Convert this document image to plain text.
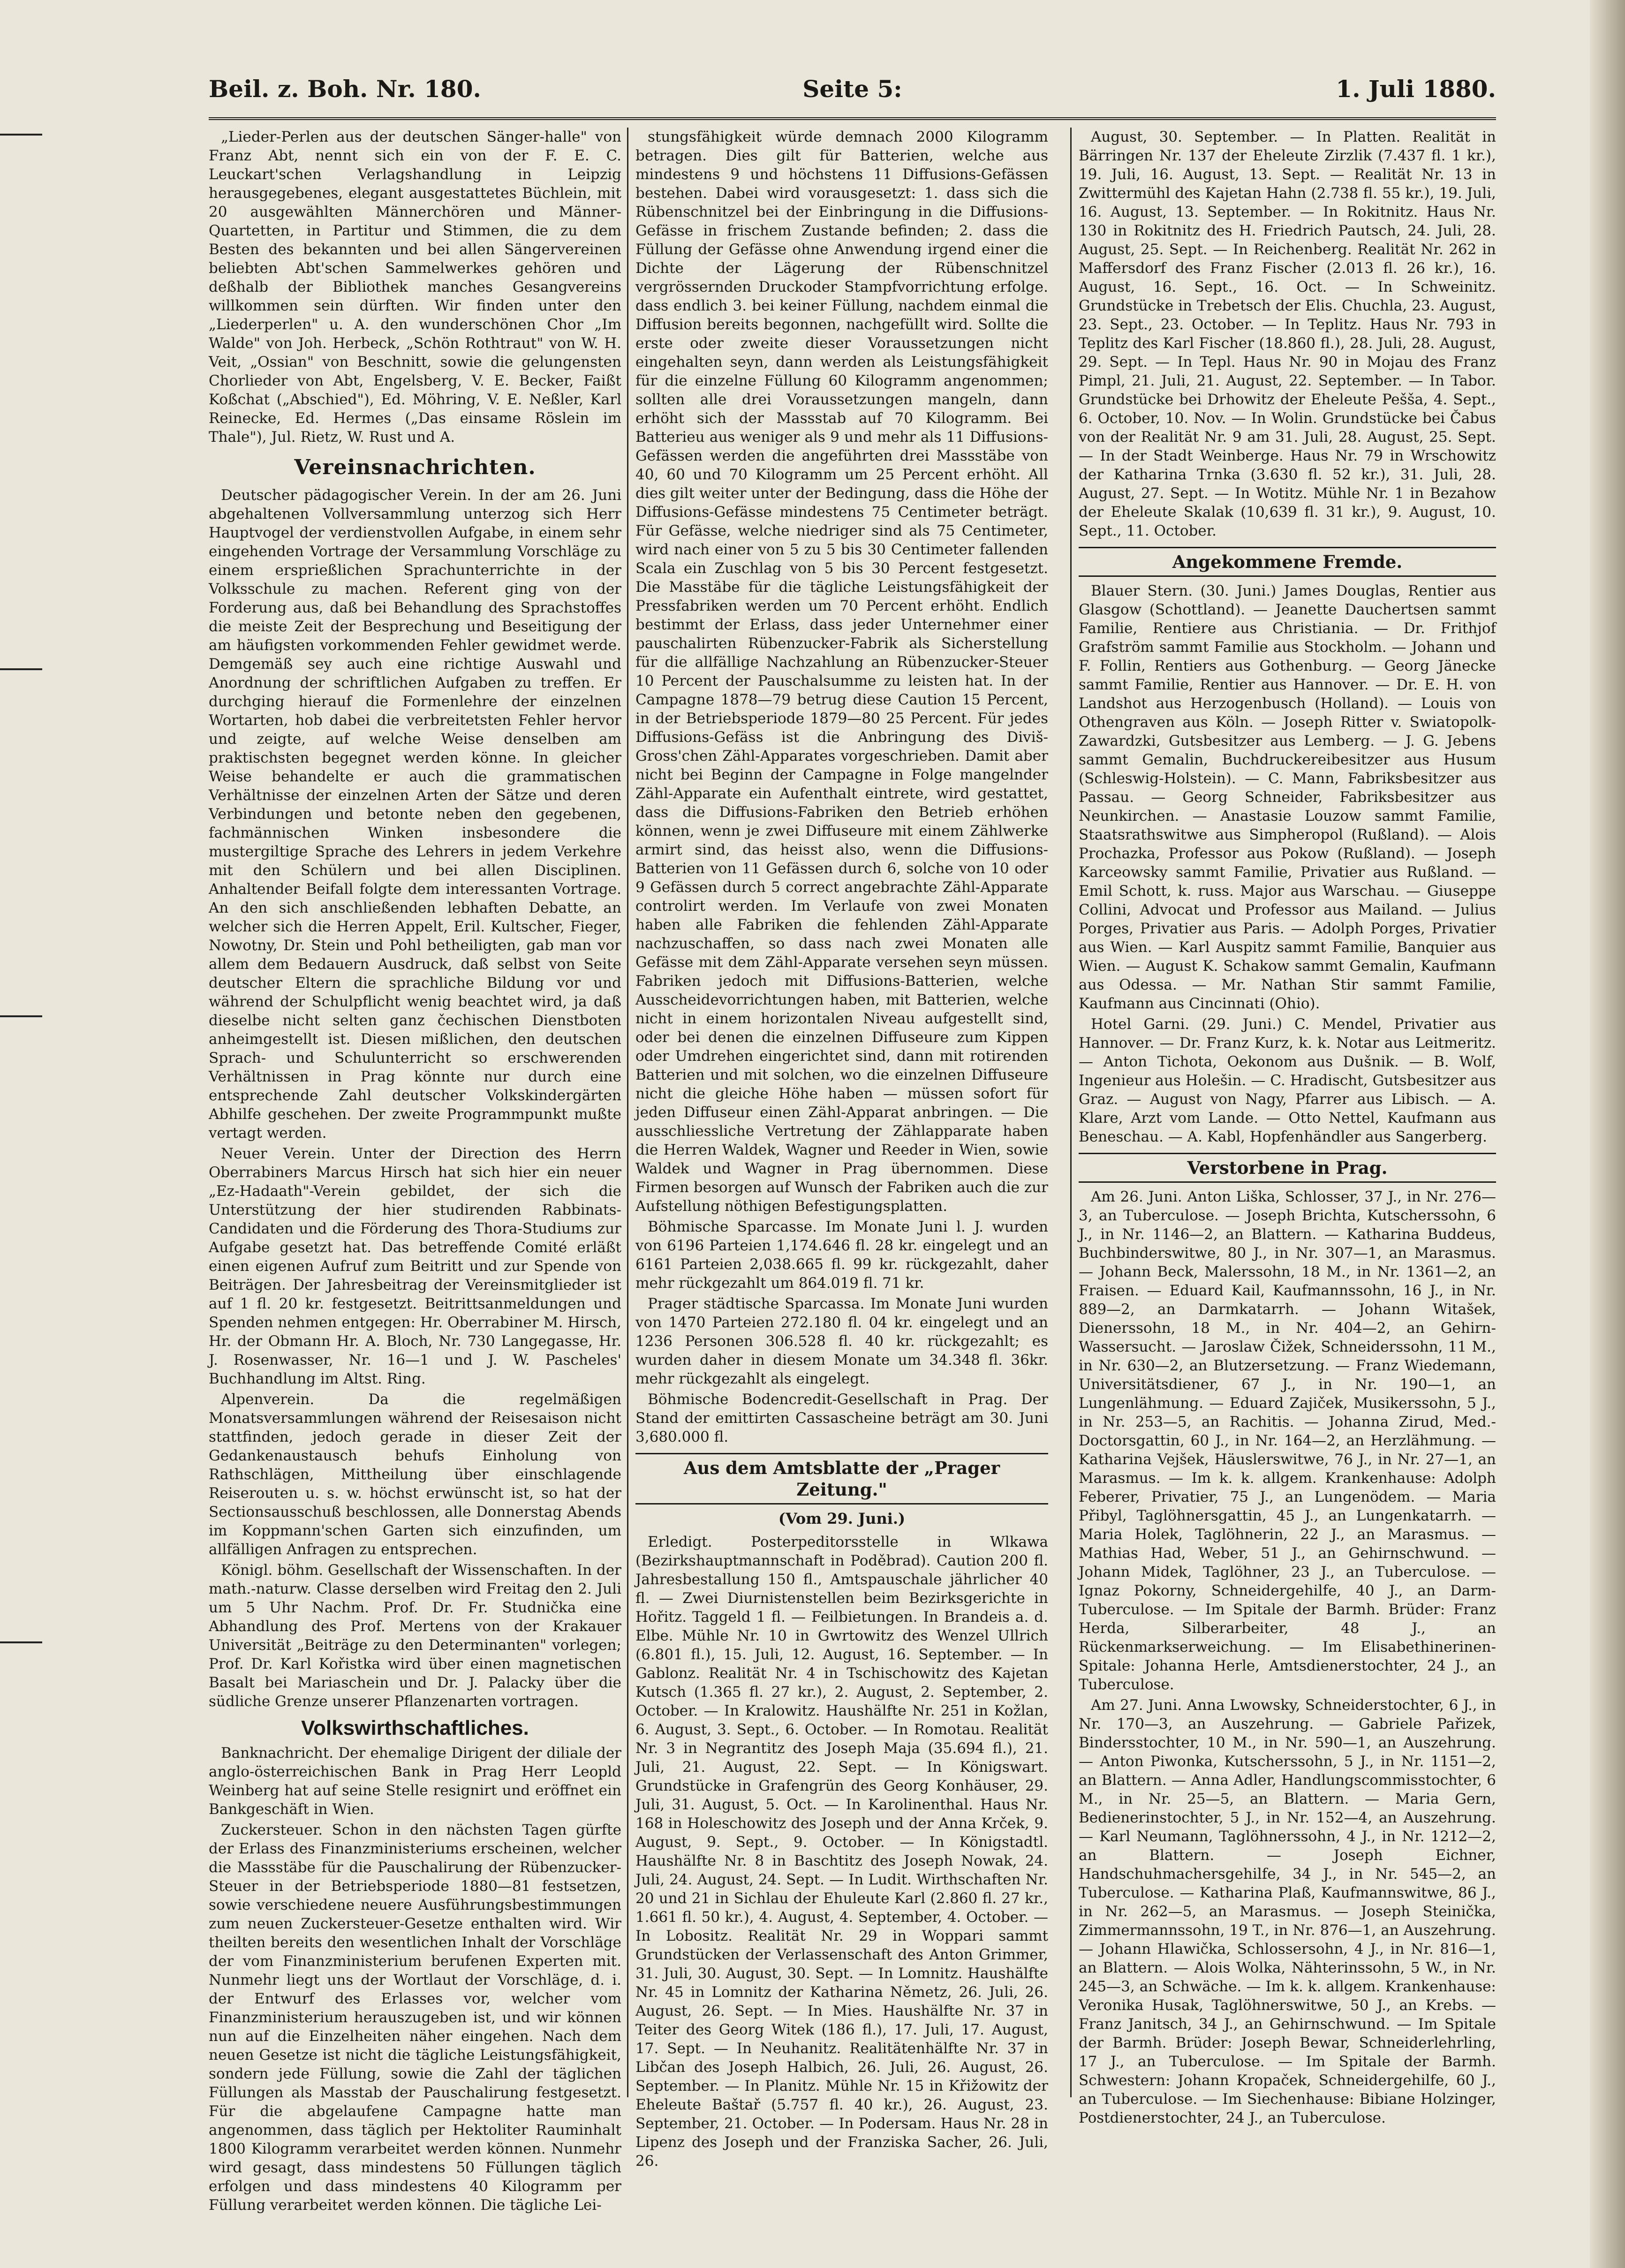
Beil. z. Boh. Nr. 180.	Seite 5:	1. Juli 1880.

„Lieder-Perlen aus der deutschen Sänger-halle" von Franz Abt, nennt sich ein von der F. E. C. Leuckart'schen Verlagshandlung in Leipzig herausgegebenes, elegant ausgestattetes Büchlein, mit 20 ausgewählten Männerchören und Männer-Quartetten, in Partitur und Stimmen, die zu dem Besten des bekannten und bei allen Sängervereinen beliebten Abt'schen Sammelwerkes gehören und deßhalb der Bibliothek manches Gesangvereins willkommen sein dürften. Wir finden unter den „Liederperlen" u. A. den wunderschönen Chor „Im Walde" von Joh. Herbeck, „Schön Rothtraut" von W. H. Veit, „Ossian" von Beschnitt, sowie die gelungensten Chorlieder von Abt, Engelsberg, V. E. Becker, Faißt Koßchat („Abschied"), Ed. Möhring, V. E. Neßler, Karl Reinecke, Ed. Hermes („Das einsame Röslein im Thale"), Jul. Rietz, W. Rust und A.

Vereinsnachrichten.

Deutscher pädagogischer Verein. In der am 26. Juni abgehaltenen Vollversammlung unterzog sich Herr Hauptvogel der verdienstvollen Aufgabe, in einem sehr eingehenden Vortrage der Versammlung Vorschläge zu einem ersprießlichen Sprachunterrichte in der Volksschule zu machen. Referent ging von der Forderung aus, daß bei Behandlung des Sprachstoffes die meiste Zeit der Besprechung und Beseitigung der am häufigsten vorkommenden Fehler gewidmet werde. Demgemäß sey auch eine richtige Auswahl und Anordnung der schriftlichen Aufgaben zu treffen. Er durchging hierauf die Formenlehre der einzelnen Wortarten, hob dabei die verbreitetsten Fehler hervor und zeigte, auf welche Weise denselben am praktischsten begegnet werden könne. In gleicher Weise behandelte er auch die grammatischen Verhältnisse der einzelnen Arten der Sätze und deren Verbindungen und betonte neben den gegebenen, fachmännischen Winken insbesondere die mustergiltige Sprache des Lehrers in jedem Verkehre mit den Schülern und bei allen Disciplinen. Anhaltender Beifall folgte dem interessanten Vortrage. An den sich anschließenden lebhaften Debatte, an welcher sich die Herren Appelt, Eril. Kultscher, Fieger, Nowotny, Dr. Stein und Pohl betheiligten, gab man vor allem dem Bedauern Ausdruck, daß selbst von Seite deutscher Eltern die sprachliche Bildung vor und während der Schulpflicht wenig beachtet wird, ja daß dieselbe nicht selten ganz čechischen Dienstboten anheimgestellt ist. Diesen mißlichen, den deutschen Sprach- und Schulunterricht so erschwerenden Verhältnissen in Prag könnte nur durch eine entsprechende Zahl deutscher Volkskindergärten Abhilfe geschehen. Der zweite Programmpunkt mußte vertagt werden.

Neuer Verein. Unter der Direction des Herrn Oberrabiners Marcus Hirsch hat sich hier ein neuer „Ez-Hadaath"-Verein gebildet, der sich die Unterstützung der hier studirenden Rabbinats-Candidaten und die Förderung des Thora-Studiums zur Aufgabe gesetzt hat. Das betreffende Comité erläßt einen eigenen Aufruf zum Beitritt und zur Spende von Beiträgen. Der Jahresbeitrag der Vereinsmitglieder ist auf 1 fl. 20 kr. festgesetzt. Beitrittsanmeldungen und Spenden nehmen entgegen: Hr. Oberrabiner M. Hirsch, Hr. der Obmann Hr. A. Bloch, Nr. 730 Langegasse, Hr. J. Rosenwasser, Nr. 16—1 und J. W. Pascheles' Buchhandlung im Altst. Ring.

Alpenverein. Da die regelmäßigen Monatsversammlungen während der Reisesaison nicht stattfinden, jedoch gerade in dieser Zeit der Gedankenaustausch behufs Einholung von Rathschlägen, Mittheilung über einschlagende Reiserouten u. s. w. höchst erwünscht ist, so hat der Sectionsausschuß beschlossen, alle Donnerstag Abends im Koppmann'schen Garten sich einzufinden, um allfälligen Anfragen zu entsprechen.

Königl. böhm. Gesellschaft der Wissenschaften. In der math.-naturw. Classe derselben wird Freitag den 2. Juli um 5 Uhr Nachm. Prof. Dr. Fr. Studnička eine Abhandlung des Prof. Mertens von der Krakauer Universität „Beiträge zu den Determinanten" vorlegen; Prof. Dr. Karl Kořistka wird über einen magnetischen Basalt bei Mariaschein und Dr. J. Palacky über die südliche Grenze unserer Pflanzenarten vortragen.

Volkswirthschaftliches.

Banknachricht. Der ehemalige Dirigent der diliale der anglo-österreichischen Bank in Prag Herr Leopld Weinberg hat auf seine Stelle resignirt und eröffnet ein Bankgeschäft in Wien.

Zuckersteuer. Schon in den nächsten Tagen gürfte der Erlass des Finanzministeriums erscheinen, welcher die Massstäbe für die Pauschalirung der Rübenzucker-Steuer in der Betriebsperiode 1880—81 festsetzen, sowie verschiedene neuere Ausführungsbestimmungen zum neuen Zuckersteuer-Gesetze enthalten wird. Wir theilten bereits den wesentlichen Inhalt der Vorschläge der vom Finanzministerium berufenen Experten mit. Nunmehr liegt uns der Wortlaut der Vorschläge, d. i. der Entwurf des Erlasses vor, welcher vom Finanzministerium herauszugeben ist, und wir können nun auf die Einzelheiten näher eingehen. Nach dem neuen Gesetze ist nicht die tägliche Leistungsfähigkeit, sondern jede Füllung, sowie die Zahl der täglichen Füllungen als Masstab der Pauschalirung festgesetzt. Für die abgelaufene Campagne hatte man angenommen, dass täglich per Hektoliter Rauminhalt 1800 Kilogramm verarbeitet werden können. Nunmehr wird gesagt, dass mindestens 50 Füllungen täglich erfolgen und dass mindestens 40 Kilogramm per Füllung verarbeitet werden können. Die tägliche Lei-

stungsfähigkeit würde demnach 2000 Kilogramm betragen. Dies gilt für Batterien, welche aus mindestens 9 und höchstens 11 Diffusions-Gefässen bestehen. Dabei wird vorausgesetzt: 1. dass sich die Rübenschnitzel bei der Einbringung in die Diffusions-Gefässe in frischem Zustande befinden; 2. dass die Füllung der Gefässe ohne Anwendung irgend einer die Dichte der Lägerung der Rübenschnitzel vergrössernden Druckoder Stampfvorrichtung erfolge. dass endlich 3. bei keiner Füllung, nachdem einmal die Diffusion bereits begonnen, nachgefüllt wird. Sollte die erste oder zweite dieser Voraussetzungen nicht eingehalten seyn, dann werden als Leistungsfähigkeit für die einzelne Füllung 60 Kilogramm angenommen; sollten alle drei Voraussetzungen mangeln, dann erhöht sich der Massstab auf 70 Kilogramm. Bei Batterieu aus weniger als 9 und mehr als 11 Diffusions-Gefässen werden die angeführten drei Massstäbe von 40, 60 und 70 Kilogramm um 25 Percent erhöht. All dies gilt weiter unter der Bedingung, dass die Höhe der Diffusions-Gefässe mindestens 75 Centimeter beträgt. Für Gefässe, welche niedriger sind als 75 Centimeter, wird nach einer von 5 zu 5 bis 30 Centimeter fallenden Scala ein Zuschlag von 5 bis 30 Percent festgesetzt. Die Masstäbe für die tägliche Leistungsfähigkeit der Pressfabriken werden um 70 Percent erhöht. Endlich bestimmt der Erlass, dass jeder Unternehmer einer pauschalirten Rübenzucker-Fabrik als Sicherstellung für die allfällige Nachzahlung an Rübenzucker-Steuer 10 Percent der Pauschalsumme zu leisten hat. In der Campagne 1878—79 betrug diese Caution 15 Percent, in der Betriebsperiode 1879—80 25 Percent. Für jedes Diffusions-Gefäss ist die Anbringung des Diviš-Gross'chen Zähl-Apparates vorgeschrieben. Damit aber nicht bei Beginn der Campagne in Folge mangelnder Zähl-Apparate ein Aufenthalt eintrete, wird gestattet, dass die Diffusions-Fabriken den Betrieb erhöhen können, wenn je zwei Diffuseure mit einem Zählwerke armirt sind, das heisst also, wenn die Diffusions-Batterien von 11 Gefässen durch 6, solche von 10 oder 9 Gefässen durch 5 correct angebrachte Zähl-Apparate controlirt werden. Im Verlaufe von zwei Monaten haben alle Fabriken die fehlenden Zähl-Apparate nachzuschaffen, so dass nach zwei Monaten alle Gefässe mit dem Zähl-Apparate versehen seyn müssen. Fabriken jedoch mit Diffusions-Batterien, welche Ausscheidevorrichtungen haben, mit Batterien, welche nicht in einem horizontalen Niveau aufgestellt sind, oder bei denen die einzelnen Diffuseure zum Kippen oder Umdrehen eingerichtet sind, dann mit rotirenden Batterien und mit solchen, wo die einzelnen Diffuseure nicht die gleiche Höhe haben — müssen sofort für jeden Diffuseur einen Zähl-Apparat anbringen. — Die ausschliessliche Vertretung der Zählapparate haben die Herren Waldek, Wagner und Reeder in Wien, sowie Waldek und Wagner in Prag übernommen. Diese Firmen besorgen auf Wunsch der Fabriken auch die zur Aufstellung nöthigen Befestigungsplatten.

Böhmische Sparcasse. Im Monate Juni l. J. wurden von 6196 Parteien 1,174.646 fl. 28 kr. eingelegt und an 6161 Parteien 2,038.665 fl. 99 kr. rückgezahlt, daher mehr rückgezahlt um 864.019 fl. 71 kr.

Prager städtische Sparcassa. Im Monate Juni wurden von 1470 Parteien 272.180 fl. 04 kr. eingelegt und an 1236 Personen 306.528 fl. 40 kr. rückgezahlt; es wurden daher in diesem Monate um 34.348 fl. 36kr. mehr rückgezahlt als eingelegt.

Böhmische Bodencredit-Gesellschaft in Prag. Der Stand der emittirten Cassascheine beträgt am 30. Juni 3,680.000 fl.

Aus dem Amtsblatte der „Prager Zeitung."
(Vom 29. Juni.)

Erledigt. Posterpeditorsstelle in Wlkawa (Bezirkshauptmannschaft in Poděbrad). Caution 200 fl. Jahresbestallung 150 fl., Amtspauschale jährlicher 40 fl. — Zwei Diurnistenstellen beim Bezirksgerichte in Hořitz. Taggeld 1 fl. — Feilbietungen. In Brandeis a. d. Elbe. Mühle Nr. 10 in Gwrtowitz des Wenzel Ullrich (6.801 fl.), 15. Juli, 12. August, 16. September. — In Gablonz. Realität Nr. 4 in Tschischowitz des Kajetan Kutsch (1.365 fl. 27 kr.), 2. August, 2. September, 2. October. — In Kralowitz. Haushälfte Nr. 251 in Kožlan, 6. August, 3. Sept., 6. October. — In Romotau. Realität Nr. 3 in Negrantitz des Joseph Maja (35.694 fl.), 21. Juli, 21. August, 22. Sept. — In Königswart. Grundstücke in Grafengrün des Georg Konhäuser, 29. Juli, 31. August, 5. Oct. — In Karolinenthal. Haus Nr. 168 in Holeschowitz des Joseph und der Anna Krček, 9. August, 9. Sept., 9. October. — In Königstadtl. Haushälfte Nr. 8 in Baschtitz des Joseph Nowak, 24. Juli, 24. August, 24. Sept. — In Ludit. Wirthschaften Nr. 20 und 21 in Sichlau der Ehuleute Karl (2.860 fl. 27 kr., 1.661 fl. 50 kr.), 4. August, 4. September, 4. October. — In Lobositz. Realität Nr. 29 in Woppari sammt Grundstücken der Verlassenschaft des Anton Grimmer, 31. Juli, 30. August, 30. Sept. — In Lomnitz. Haushälfte Nr. 45 in Lomnitz der Katharina Němetz, 26. Juli, 26. August, 26. Sept. — In Mies. Haushälfte Nr. 37 in Teiter des Georg Witek (186 fl.), 17. Juli, 17. August, 17. Sept. — In Neuhanitz. Realitätenhälfte Nr. 37 in Libčan des Joseph Halbich, 26. Juli, 26. August, 26. September. — In Planitz. Mühle Nr. 15 in Křižowitz der Eheleute Baštař (5.757 fl. 40 kr.), 26. August, 23. September, 21. October. — In Podersam. Haus Nr. 28 in Lipenz des Joseph und der Franziska Sacher, 26. Juli, 26.

August, 30. September. — In Platten. Realität in Bärringen Nr. 137 der Eheleute Zirzlik (7.437 fl. 1 kr.), 19. Juli, 16. August, 13. Sept. — Realität Nr. 13 in Zwittermühl des Kajetan Hahn (2.738 fl. 55 kr.), 19. Juli, 16. August, 13. September. — In Rokitnitz. Haus Nr. 130 in Rokitnitz des H. Friedrich Pautsch, 24. Juli, 28. August, 25. Sept. — In Reichenberg. Realität Nr. 262 in Maffersdorf des Franz Fischer (2.013 fl. 26 kr.), 16. August, 16. Sept., 16. Oct. — In Schweinitz. Grundstücke in Trebetsch der Elis. Chuchla, 23. August, 23. Sept., 23. October. — In Teplitz. Haus Nr. 793 in Teplitz des Karl Fischer (18.860 fl.), 28. Juli, 28. August, 29. Sept. — In Tepl. Haus Nr. 90 in Mojau des Franz Pimpl, 21. Juli, 21. August, 22. September. — In Tabor. Grundstücke bei Drhowitz der Eheleute Pešša, 4. Sept., 6. October, 10. Nov. — In Wolin. Grundstücke bei Čabus von der Realität Nr. 9 am 31. Juli, 28. August, 25. Sept. — In der Stadt Weinberge. Haus Nr. 79 in Wrschowitz der Katharina Trnka (3.630 fl. 52 kr.), 31. Juli, 28. August, 27. Sept. — In Wotitz. Mühle Nr. 1 in Bezahow der Eheleute Skalak (10,639 fl. 31 kr.), 9. August, 10. Sept., 11. October.

Angekommene Fremde.

Blauer Stern. (30. Juni.) James Douglas, Rentier aus Glasgow (Schottland). — Jeanette Dauchertsen sammt Familie, Rentiere aus Christiania. — Dr. Frithjof Grafström sammt Familie aus Stockholm. — Johann und F. Follin, Rentiers aus Gothenburg. — Georg Jänecke sammt Familie, Rentier aus Hannover. — Dr. E. H. von Landshot aus Herzogenbusch (Holland). — Louis von Othengraven aus Köln. — Joseph Ritter v. Swiatopolk-Zawardzki, Gutsbesitzer aus Lemberg. — J. G. Jebens sammt Gemalin, Buchdruckereibesitzer aus Husum (Schleswig-Holstein). — C. Mann, Fabriksbesitzer aus Passau. — Georg Schneider, Fabriksbesitzer aus Neunkirchen. — Anastasie Louzow sammt Familie, Staatsrathswitwe aus Simpheropol (Rußland). — Alois Prochazka, Professor aus Pokow (Rußland). — Joseph Karceowsky sammt Familie, Privatier aus Rußland. — Emil Schott, k. russ. Major aus Warschau. — Giuseppe Collini, Advocat und Professor aus Mailand. — Julius Porges, Privatier aus Paris. — Adolph Porges, Privatier aus Wien. — Karl Auspitz sammt Familie, Banquier aus Wien. — August K. Schakow sammt Gemalin, Kaufmann aus Odessa. — Mr. Nathan Stir sammt Familie, Kaufmann aus Cincinnati (Ohio).

Hotel Garni. (29. Juni.) C. Mendel, Privatier aus Hannover. — Dr. Franz Kurz, k. k. Notar aus Leitmeritz. — Anton Tichota, Oekonom aus Dušnik. — B. Wolf, Ingenieur aus Holešin. — C. Hradischt, Gutsbesitzer aus Graz. — August von Nagy, Pfarrer aus Libisch. — A. Klare, Arzt vom Lande. — Otto Nettel, Kaufmann aus Beneschau. — A. Kabl, Hopfenhändler aus Sangerberg.

Verstorbene in Prag.

Am 26. Juni. Anton Liška, Schlosser, 37 J., in Nr. 276—3, an Tuberculose. — Joseph Brichta, Kutscherssohn, 6 J., in Nr. 1146—2, an Blattern. — Katharina Buddeus, Buchbinderswitwe, 80 J., in Nr. 307—1, an Marasmus. — Johann Beck, Malerssohn, 18 M., in Nr. 1361—2, an Fraisen. — Eduard Kail, Kaufmannssohn, 16 J., in Nr. 889—2, an Darmkatarrh. — Johann Witašek, Dienerssohn, 18 M., in Nr. 404—2, an Gehirn-Wassersucht. — Jaroslaw Čižek, Schneiderssohn, 11 M., in Nr. 630—2, an Blutzersetzung. — Franz Wiedemann, Universitätsdiener, 67 J., in Nr. 190—1, an Lungenlähmung. — Eduard Zajiček, Musikerssohn, 5 J., in Nr. 253—5, an Rachitis. — Johanna Zirud, Med.-Doctorsgattin, 60 J., in Nr. 164—2, an Herzlähmung. — Katharina Vejšek, Häuslerswitwe, 76 J., in Nr. 27—1, an Marasmus. — Im k. k. allgem. Krankenhause: Adolph Feberer, Privatier, 75 J., an Lungenödem. — Maria Přibyl, Taglöhnersgattin, 45 J., an Lungenkatarrh. — Maria Holek, Taglöhnerin, 22 J., an Marasmus. — Mathias Had, Weber, 51 J., an Gehirnschwund. — Johann Midek, Taglöhner, 23 J., an Tuberculose. — Ignaz Pokorny, Schneidergehilfe, 40 J., an Darm-Tuberculose. — Im Spitale der Barmh. Brüder: Franz Herda, Silberarbeiter, 48 J., an Rückenmarkserweichung. — Im Elisabethinerinen-Spitale: Johanna Herle, Amtsdienerstochter, 24 J., an Tuberculose.

Am 27. Juni. Anna Lwowsky, Schneiderstochter, 6 J., in Nr. 170—3, an Auszehrung. — Gabriele Pařizek, Bindersstochter, 10 M., in Nr. 590—1, an Auszehrung. — Anton Piwonka, Kutscherssohn, 5 J., in Nr. 1151—2, an Blattern. — Anna Adler, Handlungscommisstochter, 6 M., in Nr. 25—5, an Blattern. — Maria Gern, Bedienerinstochter, 5 J., in Nr. 152—4, an Auszehrung. — Karl Neumann, Taglöhnerssohn, 4 J., in Nr. 1212—2, an Blattern. — Joseph Eichner, Handschuhmachersgehilfe, 34 J., in Nr. 545—2, an Tuberculose. — Katharina Plaß, Kaufmannswitwe, 86 J., in Nr. 262—5, an Marasmus. — Joseph Steinička, Zimmermannssohn, 19 T., in Nr. 876—1, an Auszehrung. — Johann Hlawička, Schlossersohn, 4 J., in Nr. 816—1, an Blattern. — Alois Wolka, Nähterinssohn, 5 W., in Nr. 245—3, an Schwäche. — Im k. k. allgem. Krankenhause: Veronika Husak, Taglöhnerswitwe, 50 J., an Krebs. — Franz Janitsch, 34 J., an Gehirnschwund. — Im Spitale der Barmh. Brüder: Joseph Bewar, Schneiderlehrling, 17 J., an Tuberculose. — Im Spitale der Barmh. Schwestern: Johann Kropaček, Schneidergehilfe, 60 J., an Tuberculose. — Im Siechenhause: Bibiane Holzinger, Postdienerstochter, 24 J., an Tuberculose.
